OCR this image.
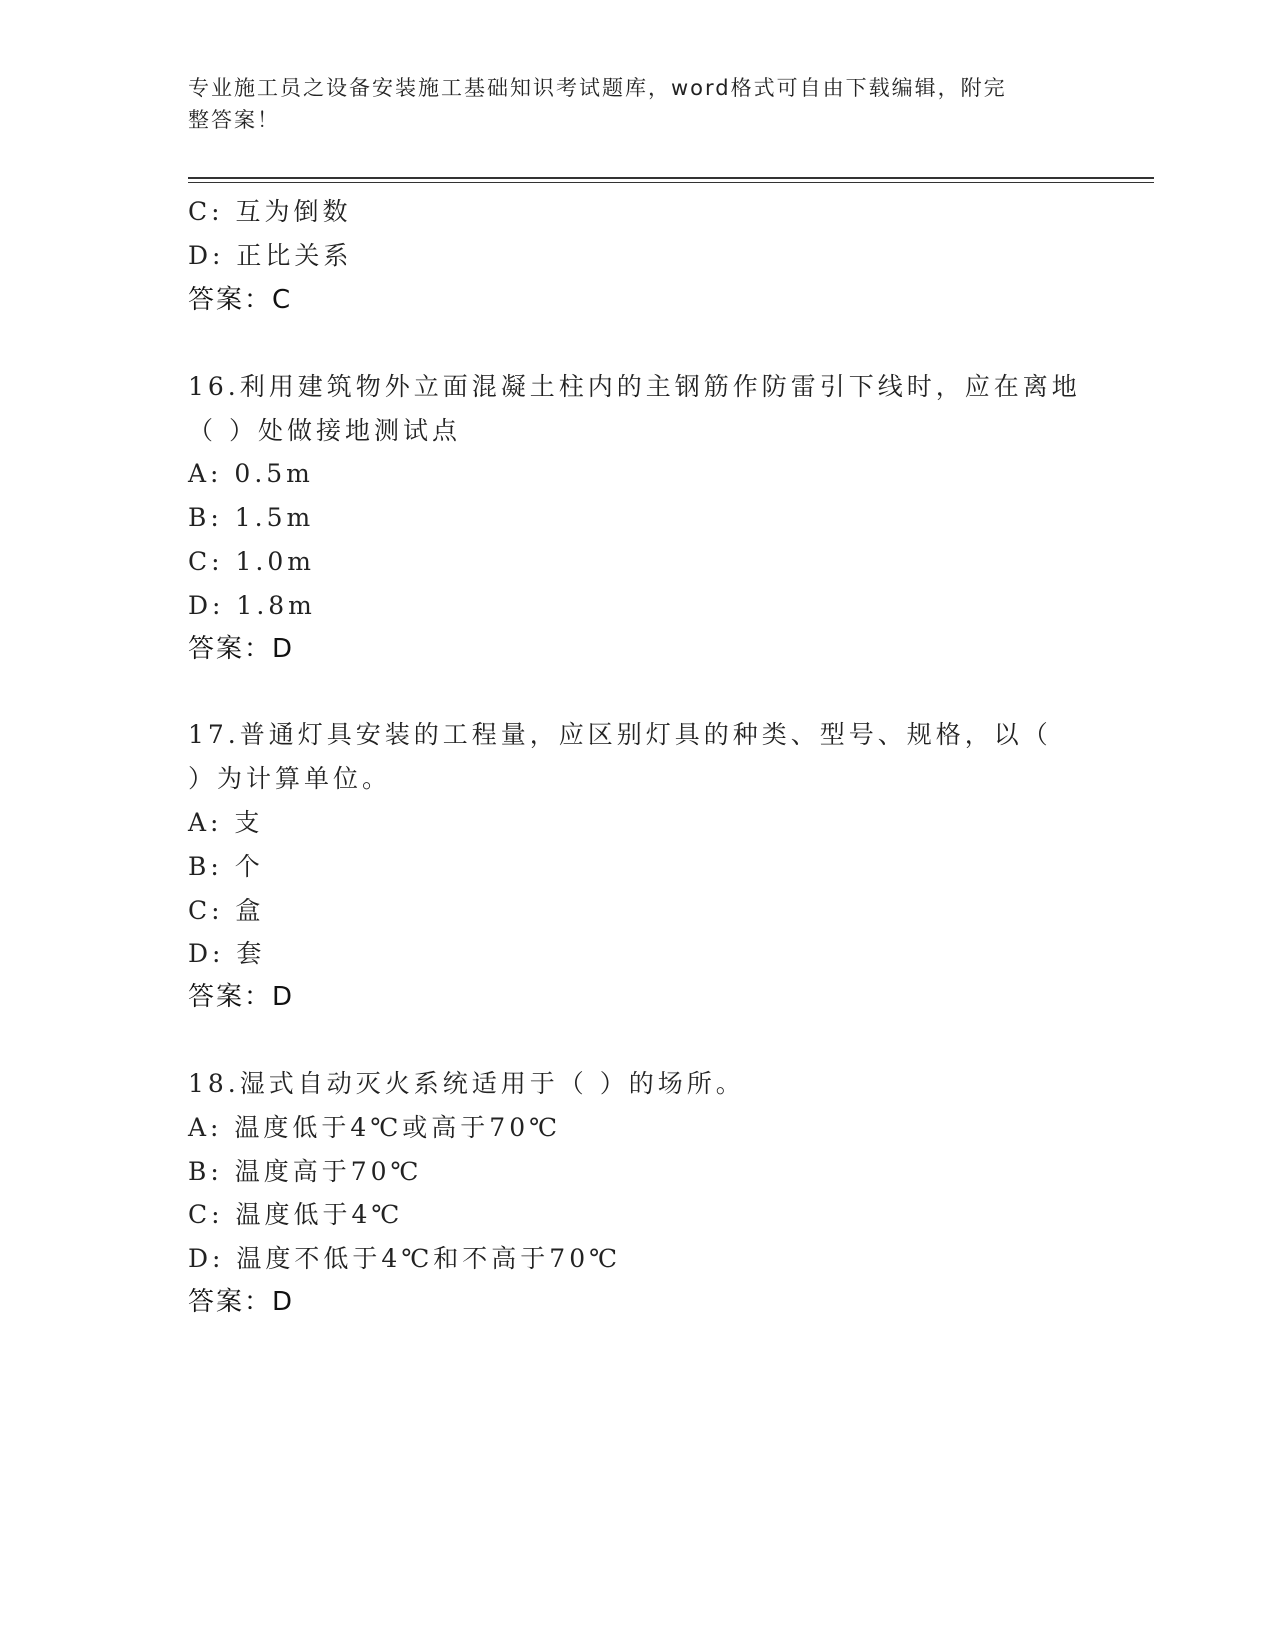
专业施工员之设备安装施工基础知识考试题库，word格式可自由下载编辑，附完
整答案！
C: 互为倒数
D: 正比关系
答案：C
16.利用建筑物外立面混凝土柱内的主钢筋作防雷引下线时，应在离地
（ ）处做接地测试点
A: 0.5m
B: 1.5m
C: 1.0m
D: 1.8m
答案：D
17.普通灯具安装的工程量，应区别灯具的种类、型号、规格，以（
）为计算单位。
A: 支
B: 个
C: 盒
D: 套
答案：D
18.湿式自动灭火系统适用于（ ）的场所。
A: 温度低于4℃或高于70℃
B: 温度高于70℃
C: 温度低于4℃
D: 温度不低于4℃和不高于70℃
答案：D
